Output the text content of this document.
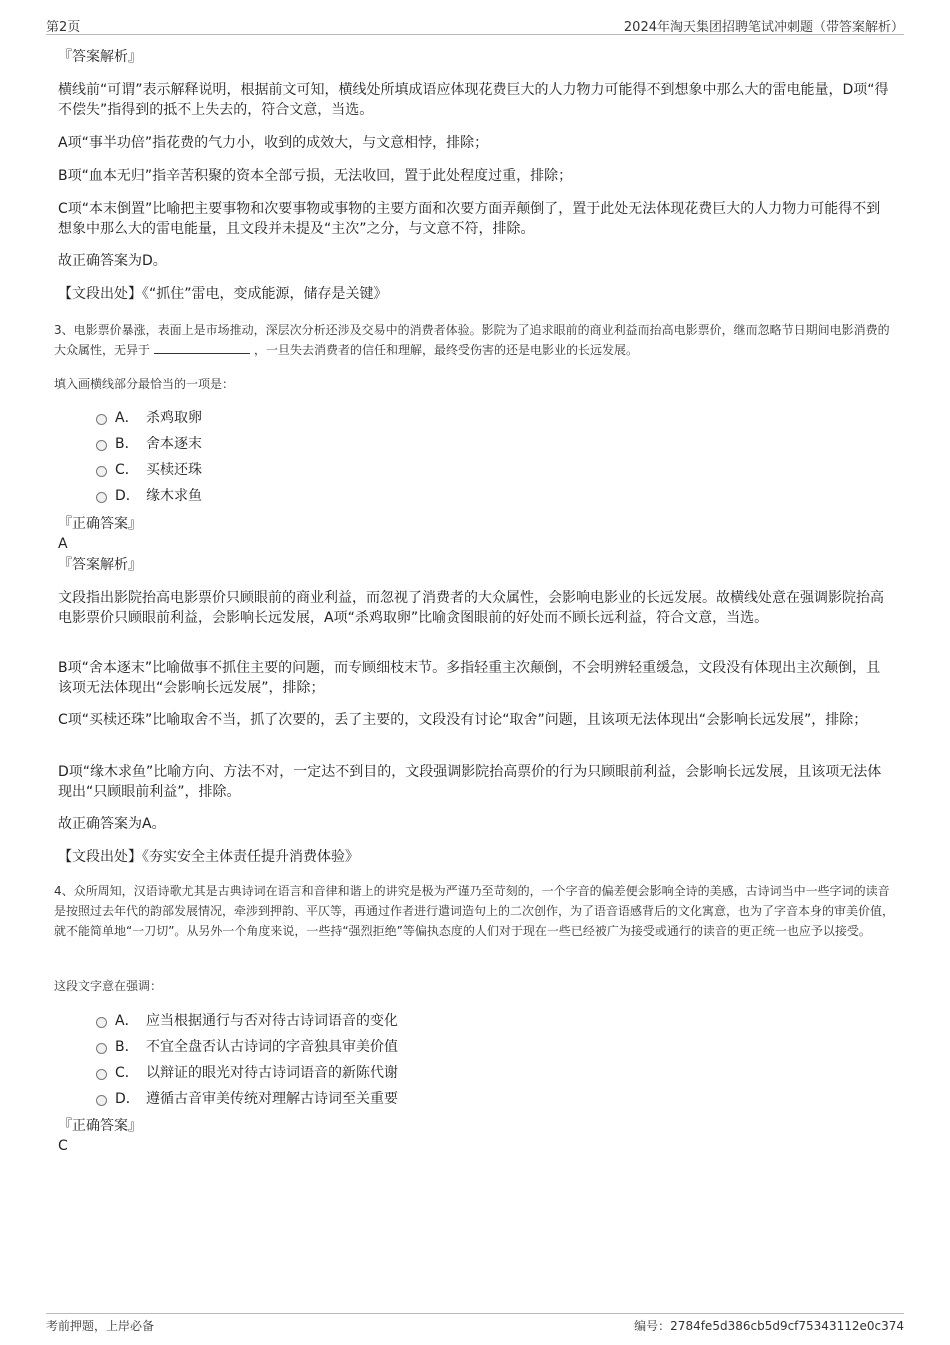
第2页	2024年淘天集团招聘笔试冲刺题（带答案解析）
『答案解析』
横线前“可谓”表示解释说明，根据前文可知，横线处所填成语应体现花费巨大的人力物力可能得不到想象中那么大的雷电能量，D项“得不偿失”指得到的抵不上失去的，符合文意，当选。
A项“事半功倍”指花费的气力小，收到的成效大，与文意相悖，排除；
B项“血本无归”指辛苦积聚的资本全部亏损，无法收回，置于此处程度过重，排除；
C项“本末倒置”比喻把主要事物和次要事物或事物的主要方面和次要方面弄颠倒了，置于此处无法体现花费巨大的人力物力可能得不到想象中那么大的雷电能量，且文段并未提及“主次”之分，与文意不符，排除。
故正确答案为D。
【文段出处】《“抓住”雷电，变成能源，储存是关键》
3、电影票价暴涨，表面上是市场推动，深层次分析还涉及交易中的消费者体验。影院为了追求眼前的商业利益而抬高电影票价，继而忽略节日期间电影消费的大众属性，无异于	，一旦失去消费者的信任和理解，最终受伤害的还是电影业的长远发展。
填入画横线部分最恰当的一项是：
A． 杀鸡取卵
B． 舍本逐末
C． 买椟还珠
D． 缘木求鱼
『正确答案』
A
『答案解析』
文段指出影院抬高电影票价只顾眼前的商业利益，而忽视了消费者的大众属性，会影响电影业的长远发展。故横线处意在强调影院抬高电影票价只顾眼前利益，会影响长远发展，A项“杀鸡取卵”比喻贪图眼前的好处而不顾长远利益，符合文意，当选。
B项“舍本逐末”比喻做事不抓住主要的问题，而专顾细枝末节。多指轻重主次颠倒，不会明辨轻重缓急，文段没有体现出主次颠倒，且该项无法体现出“会影响长远发展”，排除；
C项“买椟还珠”比喻取舍不当，抓了次要的，丢了主要的，文段没有讨论“取舍”问题，且该项无法体现出“会影响长远发展”，排除；
D项“缘木求鱼”比喻方向、方法不对，一定达不到目的，文段强调影院抬高票价的行为只顾眼前利益，会影响长远发展，且该项无法体现出“只顾眼前利益”，排除。
故正确答案为A。
【文段出处】《夯实安全主体责任提升消费体验》
4、众所周知，汉语诗歌尤其是古典诗词在语言和音律和谐上的讲究是极为严谨乃至苛刻的，一个字音的偏差便会影响全诗的美感，古诗词当中一些字词的读音是按照过去年代的韵部发展情况，牵涉到押韵、平仄等，再通过作者进行遣词造句上的二次创作，为了语音语感背后的文化寓意，也为了字音本身的审美价值，就不能简单地“一刀切”。从另外一个角度来说，一些持“强烈拒绝”等偏执态度的人们对于现在一些已经被广为接受或通行的读音的更正统一也应予以接受。
这段文字意在强调：
A． 应当根据通行与否对待古诗词语音的变化
B． 不宜全盘否认古诗词的字音独具审美价值
C． 以辩证的眼光对待古诗词语音的新陈代谢
D． 遵循古音审美传统对理解古诗词至关重要
『正确答案』
C
考前押题，上岸必备	编号：2784fe5d386cb5d9cf75343112e0c374
